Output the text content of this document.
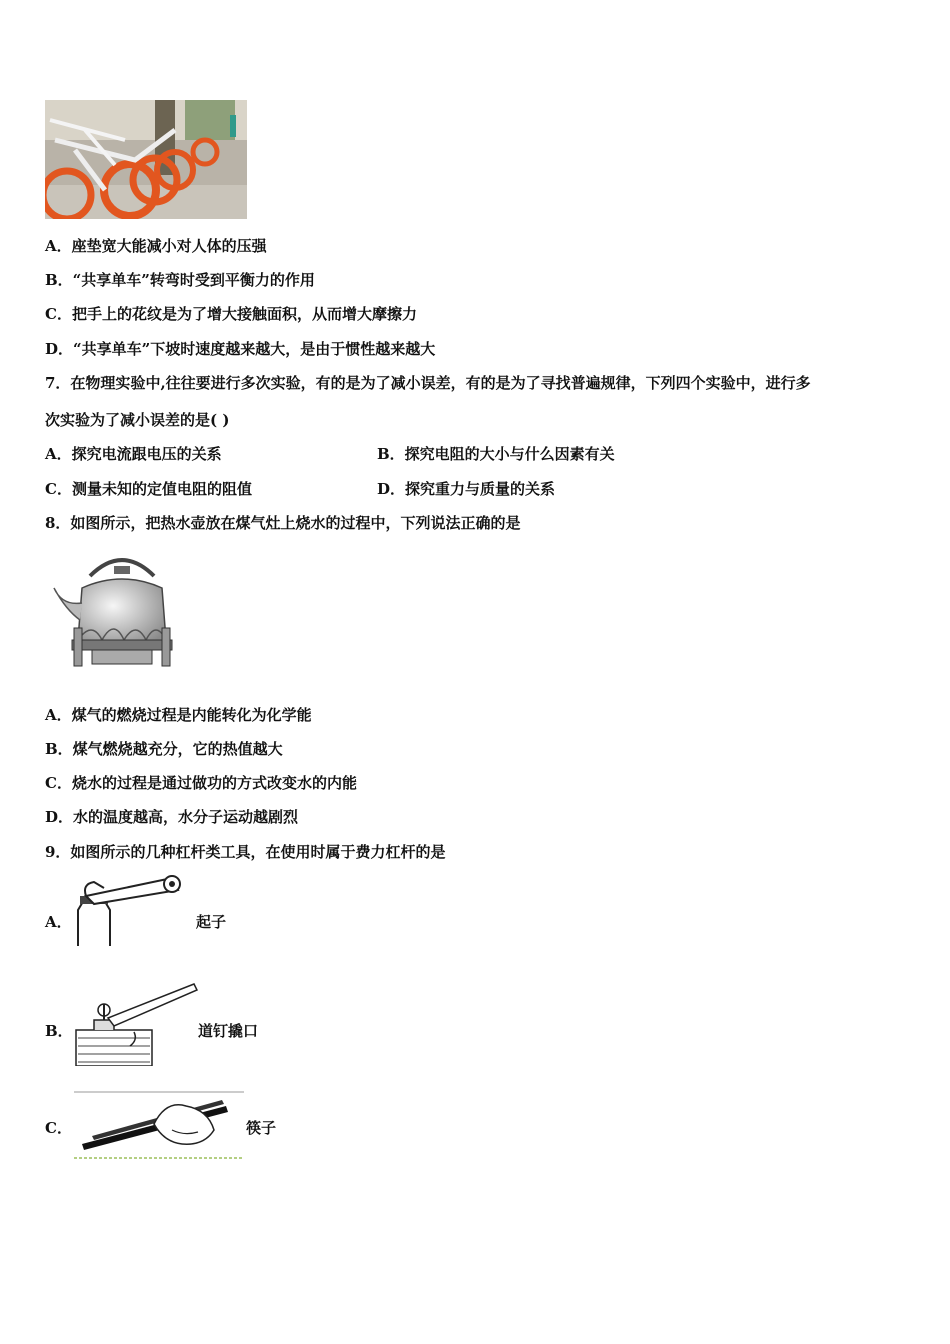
A．座垫宽大能减小对人体的压强
B．“共享单车”转弯时受到平衡力的作用
C．把手上的花纹是为了增大接触面积，从而增大摩擦力
D．“共享单车”下坡时速度越来越大，是由于惯性越来越大
7．在物理实验中,往往要进行多次实验，有的是为了减小误差，有的是为了寻找普遍规律，下列四个实验中，进行多
次实验为了减小误差的是( )
A．探究电流跟电压的关系	B．探究电阻的大小与什么因素有关
C．测量未知的定值电阻的阻值	D．探究重力与质量的关系
8．如图所示，把热水壶放在煤气灶上烧水的过程中，下列说法正确的是
A．煤气的燃烧过程是内能转化为化学能
B．煤气燃烧越充分，它的热值越大
C．烧水的过程是通过做功的方式改变水的内能
D．水的温度越高，水分子运动越剧烈
9．如图所示的几种杠杆类工具，在使用时属于费力杠杆的是
A．	起子
B．	道钉撬口
C．	筷子
